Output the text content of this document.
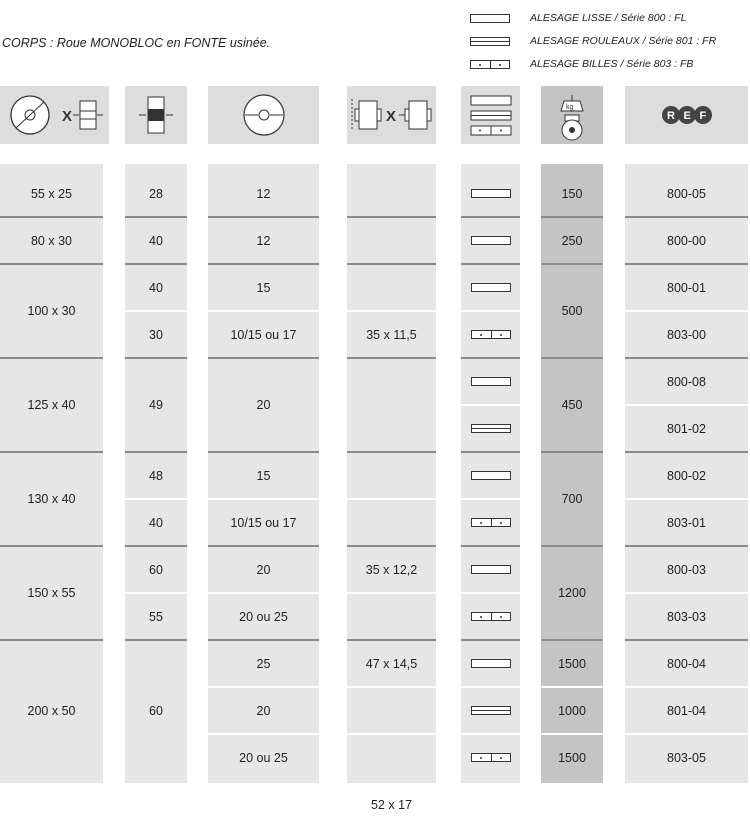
CORPS : Roue MONOBLOC en FONTE usinée.
ALESAGE LISSE / Série 800 : FL
ALESAGE ROULEAUX / Série 801 : FR
ALESAGE BILLES / Série 803 : FB
X	X
kg
R E F
55 x 25
80 x 30
100 x 30
125 x 40
130 x 40
150 x 55
200 x 50
28
40
40
30
49
48
40
60
55
60
12
12
15
10/15 ou 17
20
15
10/15 ou 17
20
20 ou 25
25
20
20 ou 25
35 x 11,5
35 x 12,2
47 x 14,5
52 x 17
150
250
500
450
700
1200
1500
1000
1500
800-05
800-00
800-01
803-00
800-08
801-02
800-02
803-01
800-03
803-03
800-04
801-04
803-05
